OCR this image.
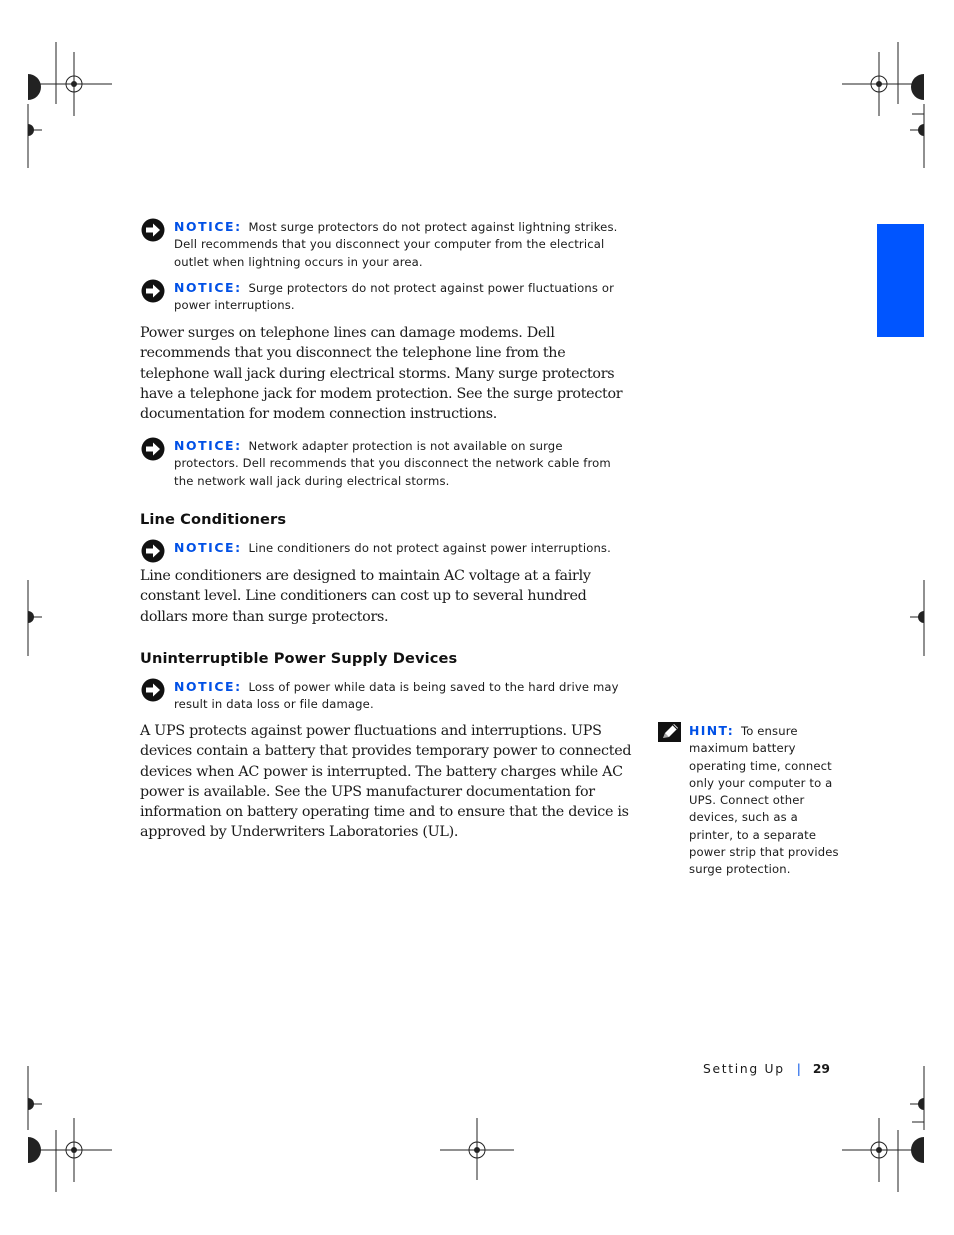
NOTICE: Most surge protectors do not protect against lightning strikes. Dell recommends that you disconnect your computer from the electrical outlet when lightning occurs in your area.
NOTICE: Surge protectors do not protect against power fluctuations or power interruptions.

Power surges on telephone lines can damage modems. Dell recommends that you disconnect the telephone line from the telephone wall jack during electrical storms. Many surge protectors have a telephone jack for modem protection. See the surge protector documentation for modem connection instructions.

NOTICE: Network adapter protection is not available on surge protectors. Dell recommends that you disconnect the network cable from the network wall jack during electrical storms.
Line Conditioners
NOTICE: Line conditioners do not protect against power interruptions.

Line conditioners are designed to maintain AC voltage at a fairly constant level. Line conditioners can cost up to several hundred dollars more than surge protectors.

Uninterruptible Power Supply Devices
NOTICE: Loss of power while data is being saved to the hard drive may result in data loss or file damage.

A UPS protects against power fluctuations and interruptions. UPS devices contain a battery that provides temporary power to connected devices when AC power is interrupted. The battery charges while AC power is available. See the UPS manufacturer documentation for information on battery operating time and to ensure that the device is approved by Underwriters Laboratories (UL).

HINT: To ensure maximum battery operating time, connect only your computer to a UPS. Connect other devices, such as a printer, to a separate power strip that provides surge protection.
Setting Up | 29
